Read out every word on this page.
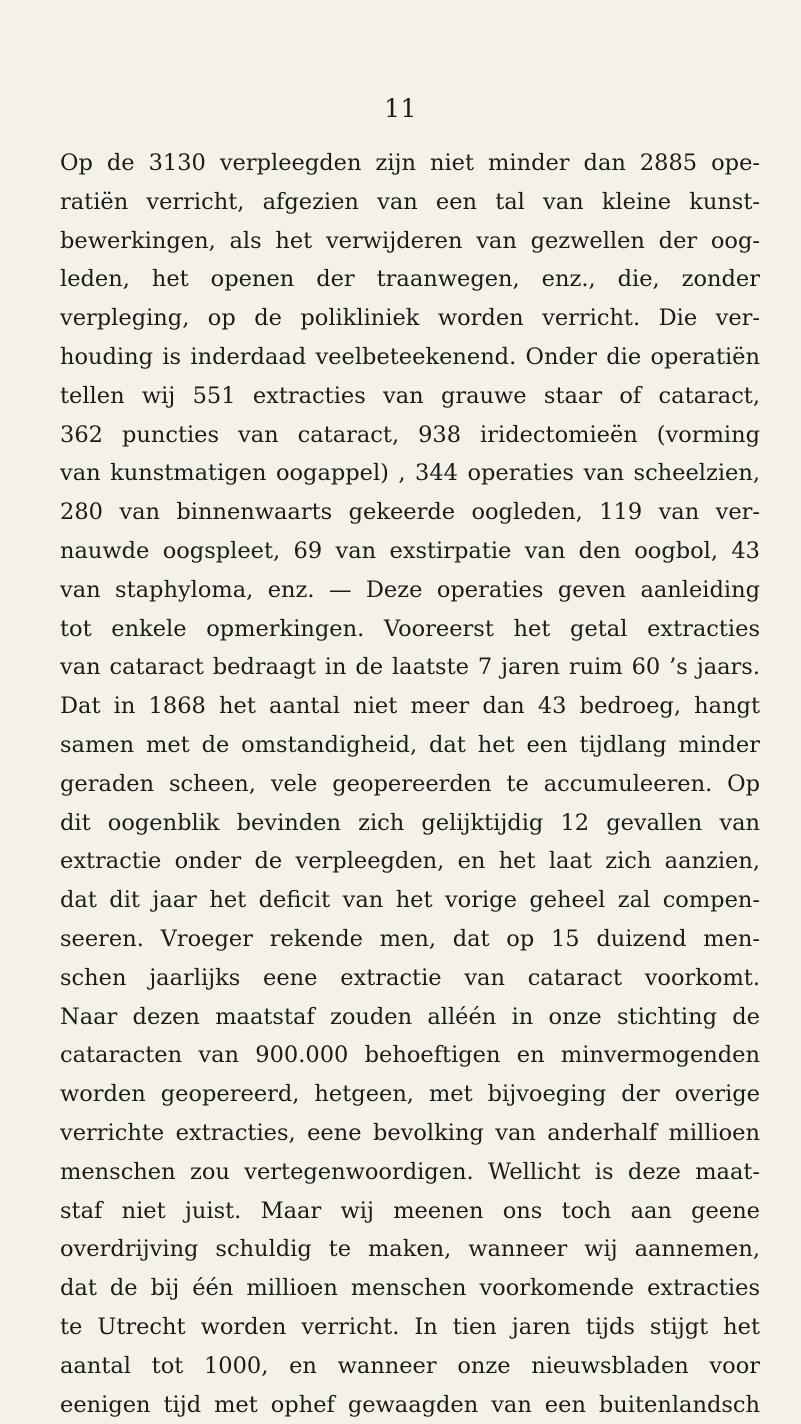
11
Op de 3130 verpleegden zijn niet minder dan 2885 ope-
ratiën verricht, afgezien van een tal van kleine kunst-
bewerkingen, als het verwijderen van gezwellen der oog-
leden, het openen der traanwegen, enz., die, zonder
verpleging, op de polikliniek worden verricht. Die ver-
houding is inderdaad veelbeteekenend. Onder die operatiën
tellen wij 551 extracties van grauwe staar of cataract,
362 puncties van cataract, 938 iridectomieën (vorming
van kunstmatigen oogappel) , 344 operaties van scheelzien,
280 van binnenwaarts gekeerde oogleden, 119 van ver-
nauwde oogspleet, 69 van exstirpatie van den oogbol, 43
van staphyloma, enz. — Deze operaties geven aanleiding
tot enkele opmerkingen. Vooreerst het getal extracties
van cataract bedraagt in de laatste 7 jaren ruim 60 ’s jaars.
Dat in 1868 het aantal niet meer dan 43 bedroeg, hangt
samen met de omstandigheid, dat het een tijdlang minder
geraden scheen, vele geopereerden te accumuleeren. Op
dit oogenblik bevinden zich gelijktijdig 12 gevallen van
extractie onder de verpleegden, en het laat zich aanzien,
dat dit jaar het deficit van het vorige geheel zal compen-
seeren. Vroeger rekende men, dat op 15 duizend men-
schen jaarlijks eene extractie van cataract voorkomt.
Naar dezen maatstaf zouden alléén in onze stichting de
cataracten van 900.000 behoeftigen en minvermogenden
worden geopereerd, hetgeen, met bijvoeging der overige
verrichte extracties, eene bevolking van anderhalf millioen
menschen zou vertegenwoordigen. Wellicht is deze maat-
staf niet juist. Maar wij meenen ons toch aan geene
overdrijving schuldig te maken, wanneer wij aannemen,
dat de bij één millioen menschen voorkomende extracties
te Utrecht worden verricht. In tien jaren tijds stijgt het
aantal tot 1000, en wanneer onze nieuwsbladen voor
eenigen tijd met ophef gewaagden van een buitenlandsch
